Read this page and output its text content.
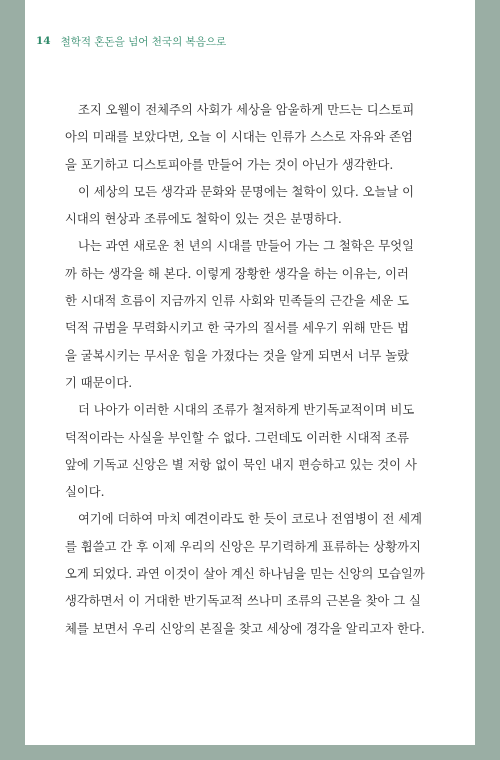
14 철학적 혼돈을 넘어 천국의 복음으로
조지 오웰이 전체주의 사회가 세상을 암울하게 만드는 디스토피
아의 미래를 보았다면, 오늘 이 시대는 인류가 스스로 자유와 존엄
을 포기하고 디스토피아를 만들어 가는 것이 아닌가 생각한다.
이 세상의 모든 생각과 문화와 문명에는 철학이 있다. 오늘날 이
시대의 현상과 조류에도 철학이 있는 것은 분명하다.
나는 과연 새로운 천 년의 시대를 만들어 가는 그 철학은 무엇일
까 하는 생각을 해 본다. 이렇게 장황한 생각을 하는 이유는, 이러
한 시대적 흐름이 지금까지 인류 사회와 민족들의 근간을 세운 도
덕적 규범을 무력화시키고 한 국가의 질서를 세우기 위해 만든 법
을 굴복시키는 무서운 힘을 가졌다는 것을 알게 되면서 너무 놀랐
기 때문이다.
더 나아가 이러한 시대의 조류가 철저하게 반기독교적이며 비도
덕적이라는 사실을 부인할 수 없다. 그런데도 이러한 시대적 조류
앞에 기독교 신앙은 별 저항 없이 묵인 내지 편승하고 있는 것이 사
실이다.
여기에 더하여 마치 예견이라도 한 듯이 코로나 전염병이 전 세계
를 휩쓸고 간 후 이제 우리의 신앙은 무기력하게 표류하는 상황까지
오게 되었다. 과연 이것이 살아 계신 하나님을 믿는 신앙의 모습일까
생각하면서 이 거대한 반기독교적 쓰나미 조류의 근본을 찾아 그 실
체를 보면서 우리 신앙의 본질을 찾고 세상에 경각을 알리고자 한다.
